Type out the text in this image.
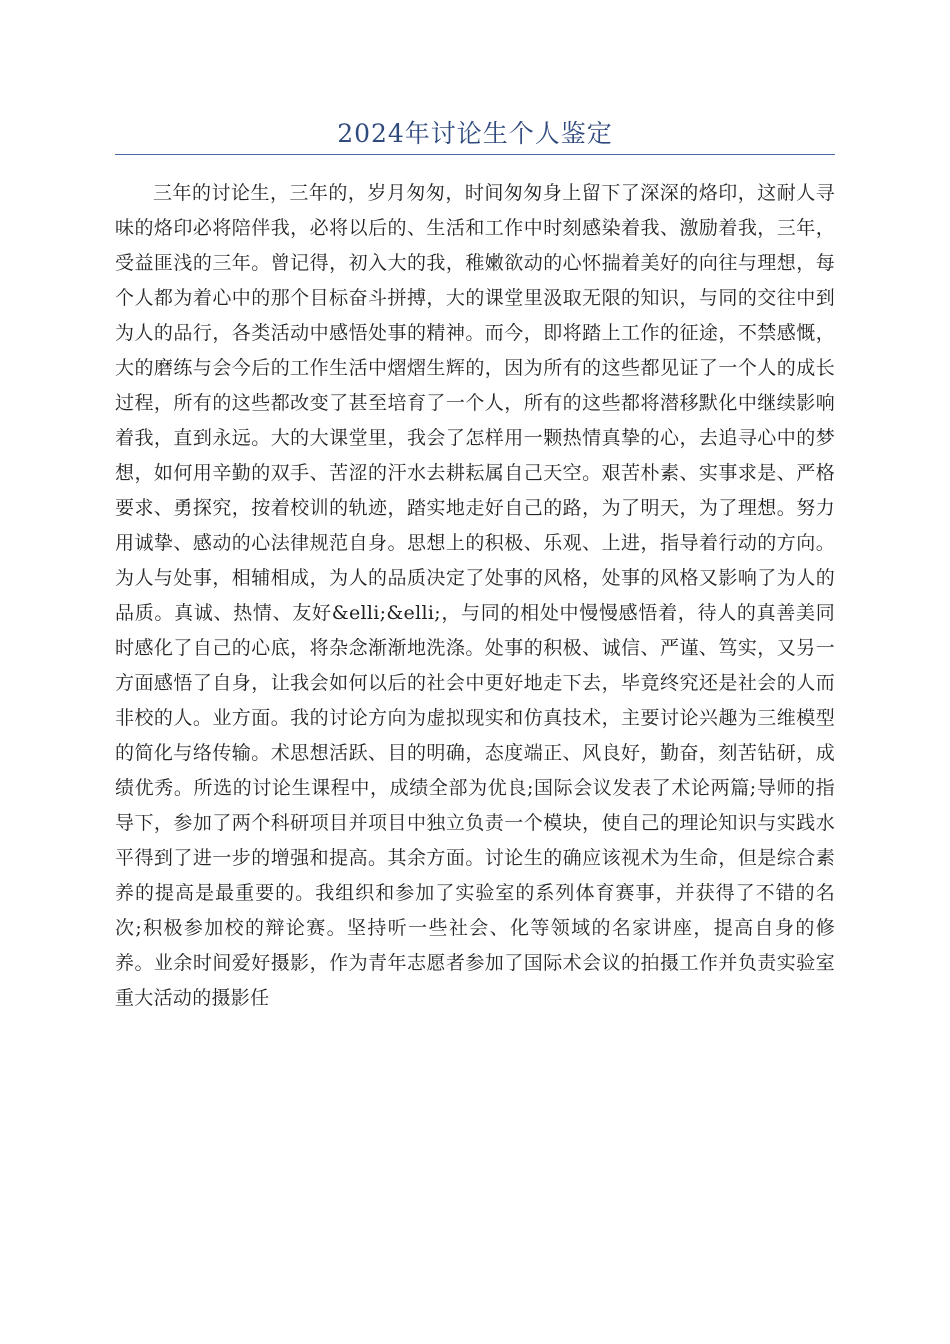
2024年讨论生个人鉴定

三年的讨论生，三年的，岁月匆匆，时间匆匆身上留下了深深的烙印，这耐人寻味的烙印必将陪伴我，必将以后的、生活和工作中时刻感染着我、激励着我，三年，受益匪浅的三年。曾记得，初入大的我，稚嫩欲动的心怀揣着美好的向往与理想，每个人都为着心中的那个目标奋斗拼搏，大的课堂里汲取无限的知识，与同的交往中到为人的品行，各类活动中感悟处事的精神。而今，即将踏上工作的征途，不禁感慨，大的磨练与会今后的工作生活中熠熠生辉的，因为所有的这些都见证了一个人的成长过程，所有的这些都改变了甚至培育了一个人，所有的这些都将潜移默化中继续影响着我，直到永远。大的大课堂里，我会了怎样用一颗热情真挚的心，去追寻心中的梦想，如何用辛勤的双手、苦涩的汗水去耕耘属自己天空。艰苦朴素、实事求是、严格要求、勇探究，按着校训的轨迹，踏实地走好自己的路，为了明天，为了理想。努力用诚挚、感动的心法律规范自身。思想上的积极、乐观、上进，指导着行动的方向。为人与处事，相辅相成，为人的品质决定了处事的风格，处事的风格又影响了为人的品质。真诚、热情、友好&elli;&elli;，与同的相处中慢慢感悟着，待人的真善美同时感化了自己的心底，将杂念渐渐地洗涤。处事的积极、诚信、严谨、笃实，又另一方面感悟了自身，让我会如何以后的社会中更好地走下去，毕竟终究还是社会的人而非校的人。业方面。我的讨论方向为虚拟现实和仿真技术，主要讨论兴趣为三维模型的简化与络传输。术思想活跃、目的明确，态度端正、风良好，勤奋，刻苦钻研，成绩优秀。所选的讨论生课程中，成绩全部为优良;国际会议发表了术论两篇;导师的指导下，参加了两个科研项目并项目中独立负责一个模块，使自己的理论知识与实践水平得到了进一步的增强和提高。其余方面。讨论生的确应该视术为生命，但是综合素养的提高是最重要的。我组织和参加了实验室的系列体育赛事，并获得了不错的名次;积极参加校的辩论赛。坚持听一些社会、化等领域的名家讲座，提高自身的修养。业余时间爱好摄影，作为青年志愿者参加了国际术会议的拍摄工作并负责实验室重大活动的摄影任
